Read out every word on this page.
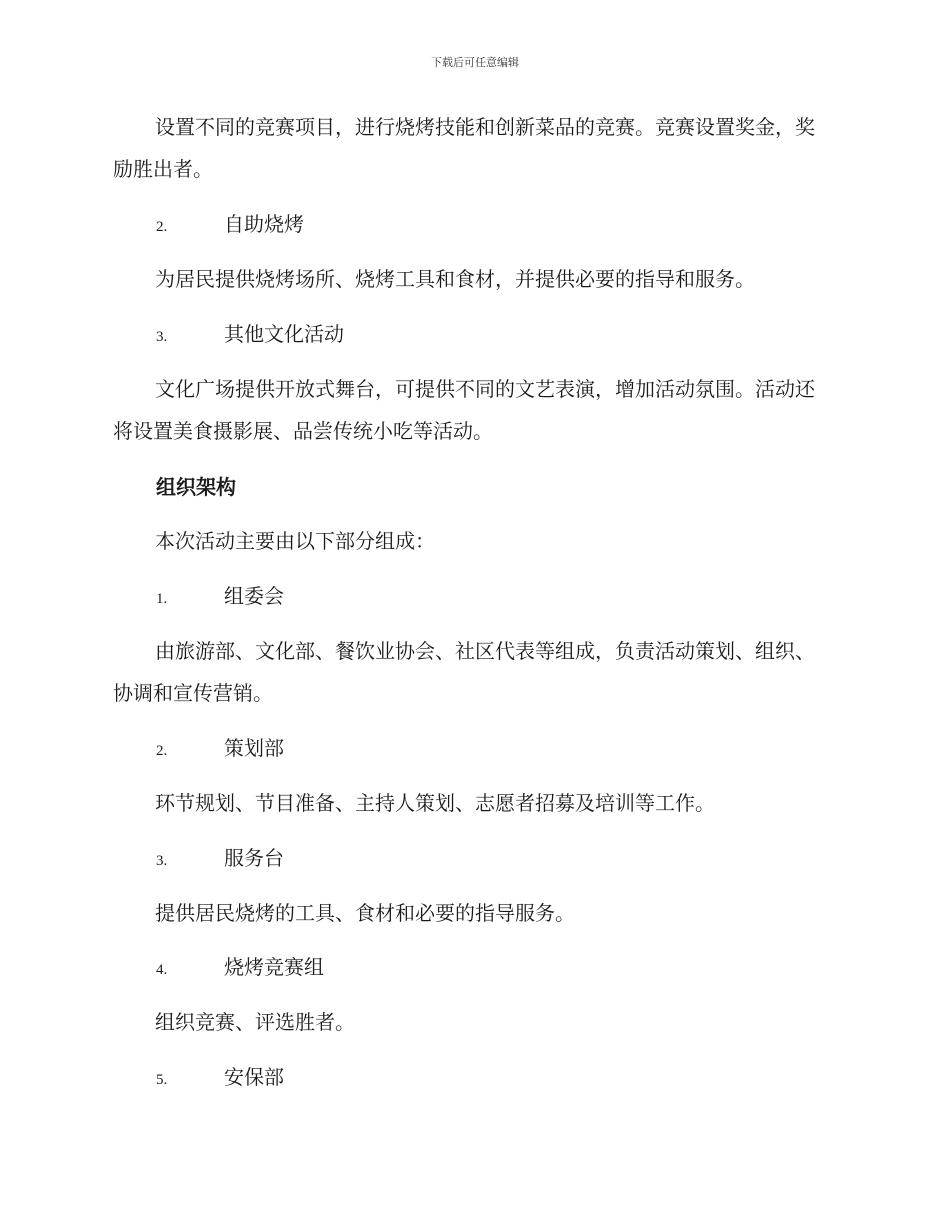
下载后可任意编辑

设置不同的竞赛项目，进行烧烤技能和创新菜品的竞赛。竞赛设置奖金，奖励胜出者。

2.	自助烧烤

为居民提供烧烤场所、烧烤工具和食材，并提供必要的指导和服务。

3.	其他文化活动

文化广场提供开放式舞台，可提供不同的文艺表演，增加活动氛围。活动还将设置美食摄影展、品尝传统小吃等活动。

组织架构

本次活动主要由以下部分组成：

1.	组委会

由旅游部、文化部、餐饮业协会、社区代表等组成，负责活动策划、组织、协调和宣传营销。

2.	策划部

环节规划、节目准备、主持人策划、志愿者招募及培训等工作。

3.	服务台

提供居民烧烤的工具、食材和必要的指导服务。

4.	烧烤竞赛组

组织竞赛、评选胜者。

5.	安保部
